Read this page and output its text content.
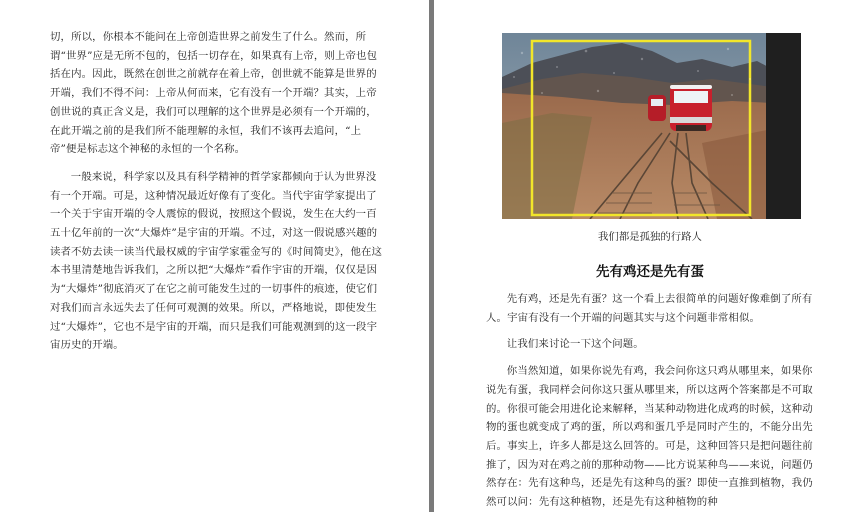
切，所以，你根本不能问在上帝创造世界之前发生了什么。然而，所谓“世界”应是无所不包的，包括一切存在，如果真有上帝，则上帝也包括在内。因此，既然在创世之前就存在着上帝，创世就不能算是世界的开端，我们不得不问：上帝从何而来，它有没有一个开端？其实，上帝创世说的真正含义是，我们可以理解的这个世界是必须有一个开端的，在此开端之前的是我们所不能理解的永恒，我们不该再去追问，“上帝”便是标志这个神秘的永恒的一个名称。

一般来说，科学家以及具有科学精神的哲学家都倾向于认为世界没有一个开端。可是，这种情况最近好像有了变化。当代宇宙学家提出了一个关于宇宙开端的令人震惊的假说，按照这个假说，发生在大约一百五十亿年前的一次“大爆炸”是宇宙的开端。不过，对这一假说感兴趣的读者不妨去读一读当代最权威的宇宙学家霍金写的《时间简史》，他在这本书里清楚地告诉我们，之所以把“大爆炸”看作宇宙的开端，仅仅是因为“大爆炸”彻底消灭了在它之前可能发生过的一切事件的痕迹，使它们对我们而言永远失去了任何可观测的效果。所以，严格地说，即使发生过“大爆炸”，它也不是宇宙的开端，而只是我们可能观测到的这一段宇宙历史的开端。

我们都是孤独的行路人
先有鸡还是先有蛋

先有鸡，还是先有蛋？这一个看上去很简单的问题好像难倒了所有人。宇宙有没有一个开端的问题其实与这个问题非常相似。

让我们来讨论一下这个问题。

你当然知道，如果你说先有鸡，我会问你这只鸡从哪里来，如果你说先有蛋，我同样会问你这只蛋从哪里来，所以这两个答案都是不可取的。你很可能会用进化论来解释，当某种动物进化成鸡的时候，这种动物的蛋也就变成了鸡的蛋，所以鸡和蛋几乎是同时产生的，不能分出先后。事实上，许多人都是这么回答的。可是，这种回答只是把问题往前推了，因为对在鸡之前的那种动物——比方说某种鸟——来说，问题仍然存在：先有这种鸟，还是先有这种鸟的蛋？即使一直推到植物，我仍然可以问：先有这种植物，还是先有这种植物的种
